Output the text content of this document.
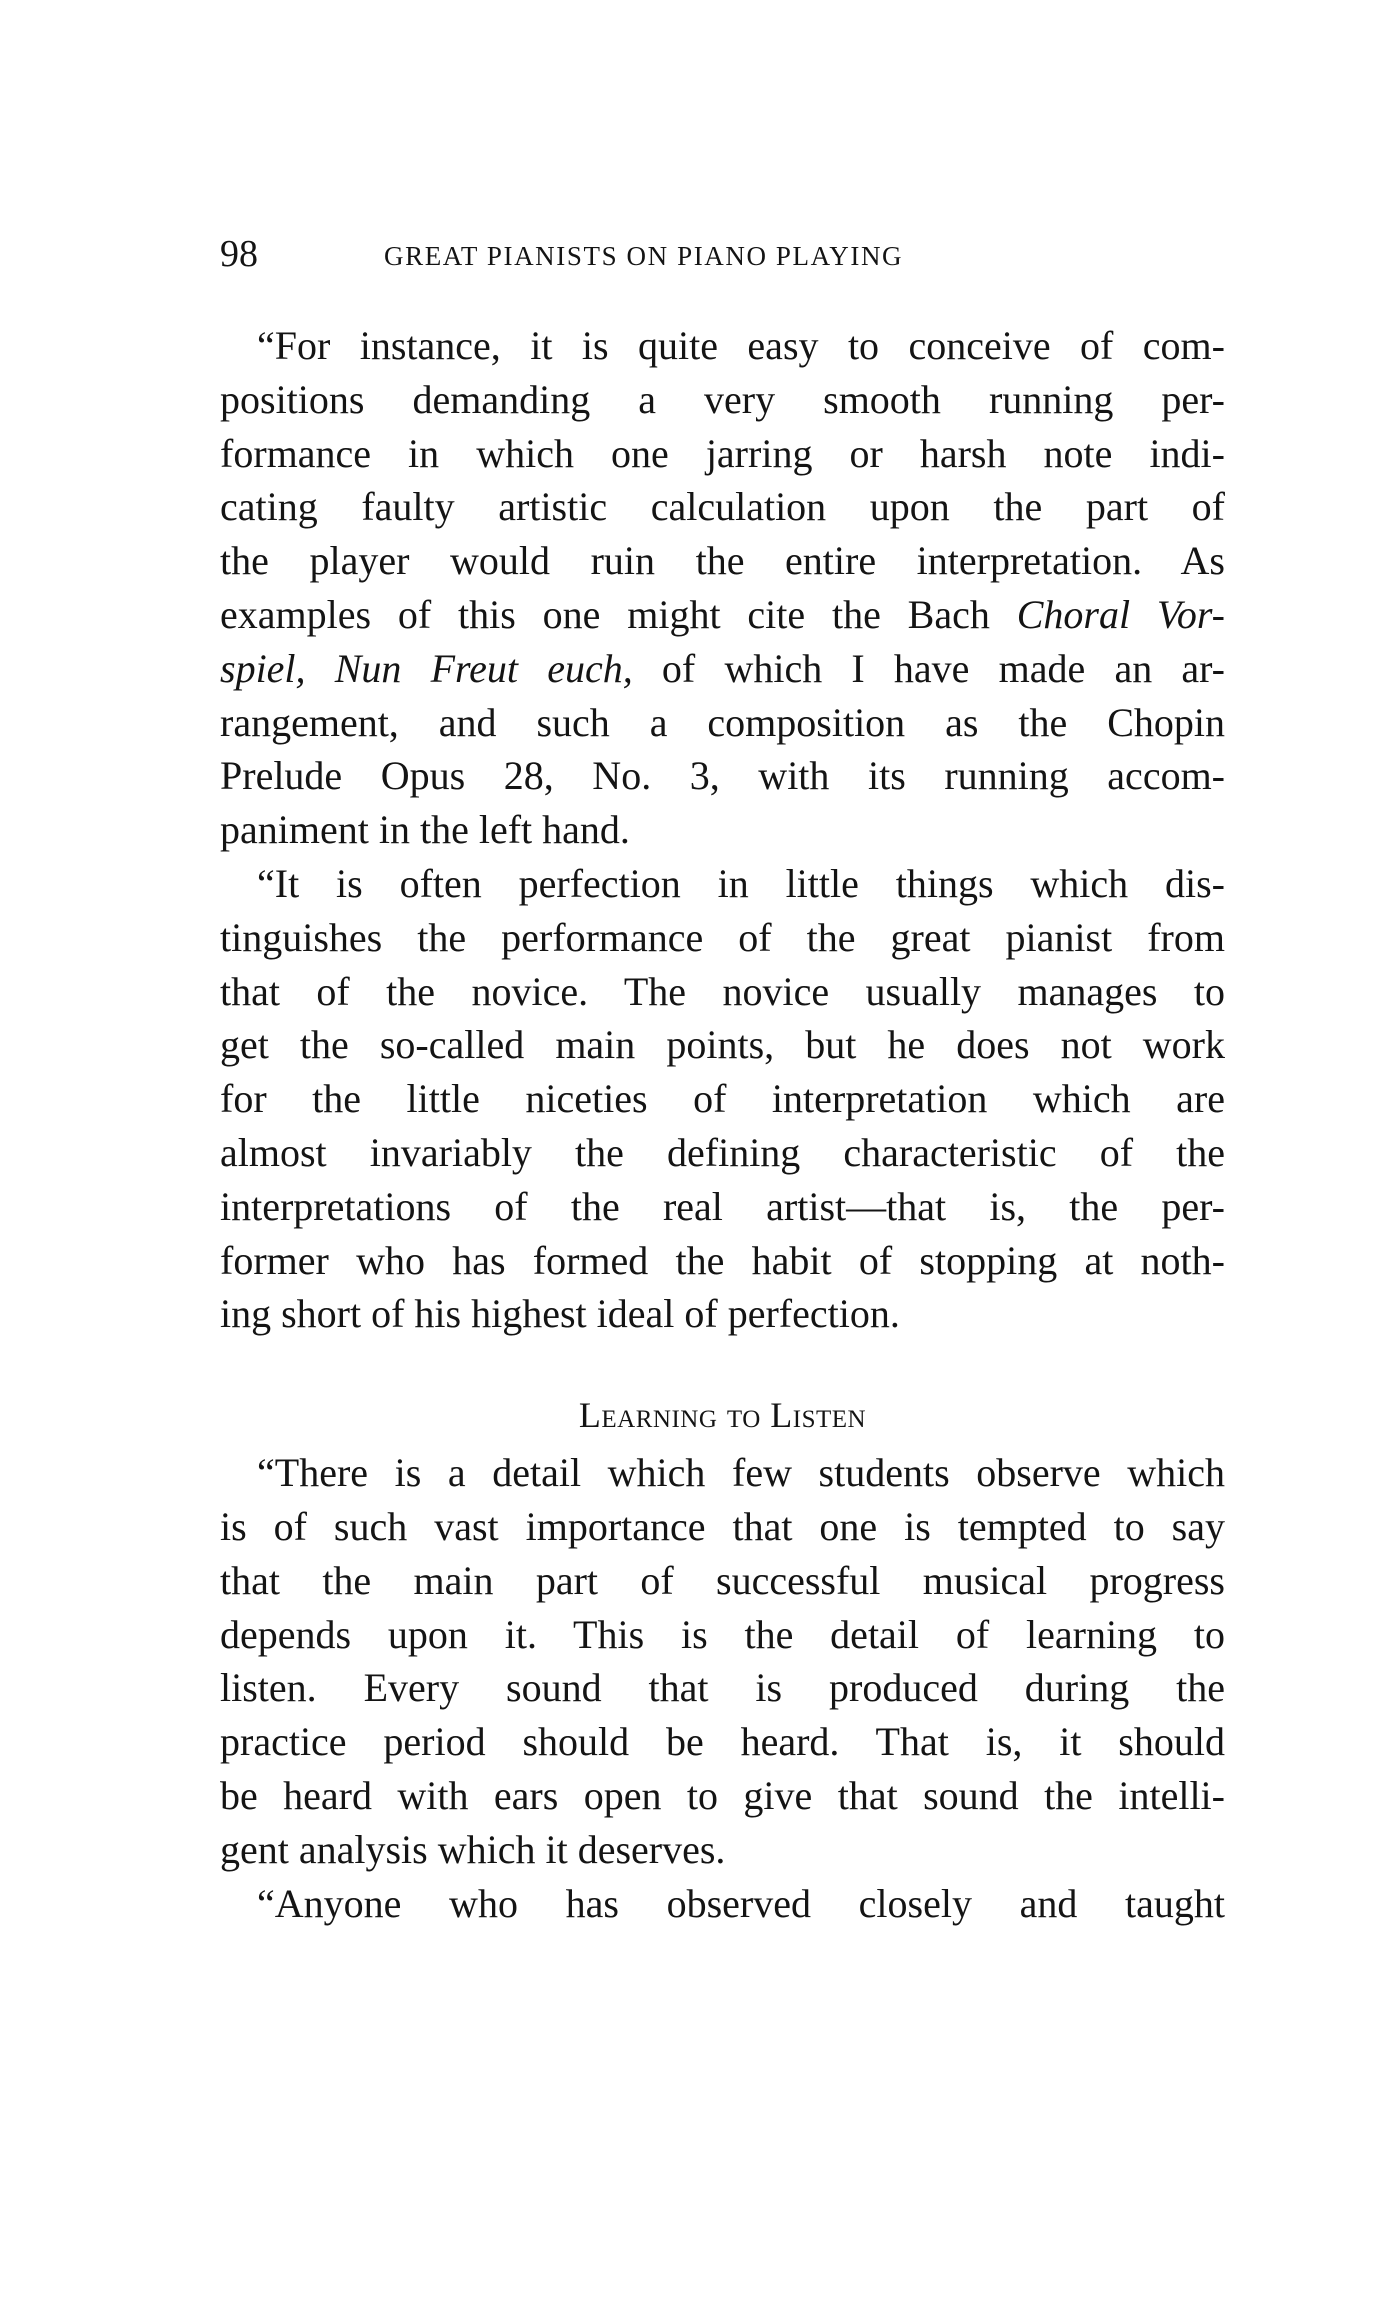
98	GREAT PIANISTS ON PIANO PLAYING
“For instance, it is quite easy to conceive of com-
positions demanding a very smooth running per-
formance in which one jarring or harsh note indi-
cating faulty artistic calculation upon the part of
the player would ruin the entire interpretation. As
examples of this one might cite the Bach Choral Vor-
spiel, Nun Freut euch, of which I have made an ar-
rangement, and such a composition as the Chopin
Prelude Opus 28, No. 3, with its running accom-
paniment in the left hand.
“It is often perfection in little things which dis-
tinguishes the performance of the great pianist from
that of the novice. The novice usually manages to
get the so-called main points, but he does not work
for the little niceties of interpretation which are
almost invariably the defining characteristic of the
interpretations of the real artist—that is, the per-
former who has formed the habit of stopping at noth-
ing short of his highest ideal of perfection.
Learning to Listen
“There is a detail which few students observe which
is of such vast importance that one is tempted to say
that the main part of successful musical progress
depends upon it. This is the detail of learning to
listen. Every sound that is produced during the
practice period should be heard. That is, it should
be heard with ears open to give that sound the intelli-
gent analysis which it deserves.
“Anyone who has observed closely and taught
